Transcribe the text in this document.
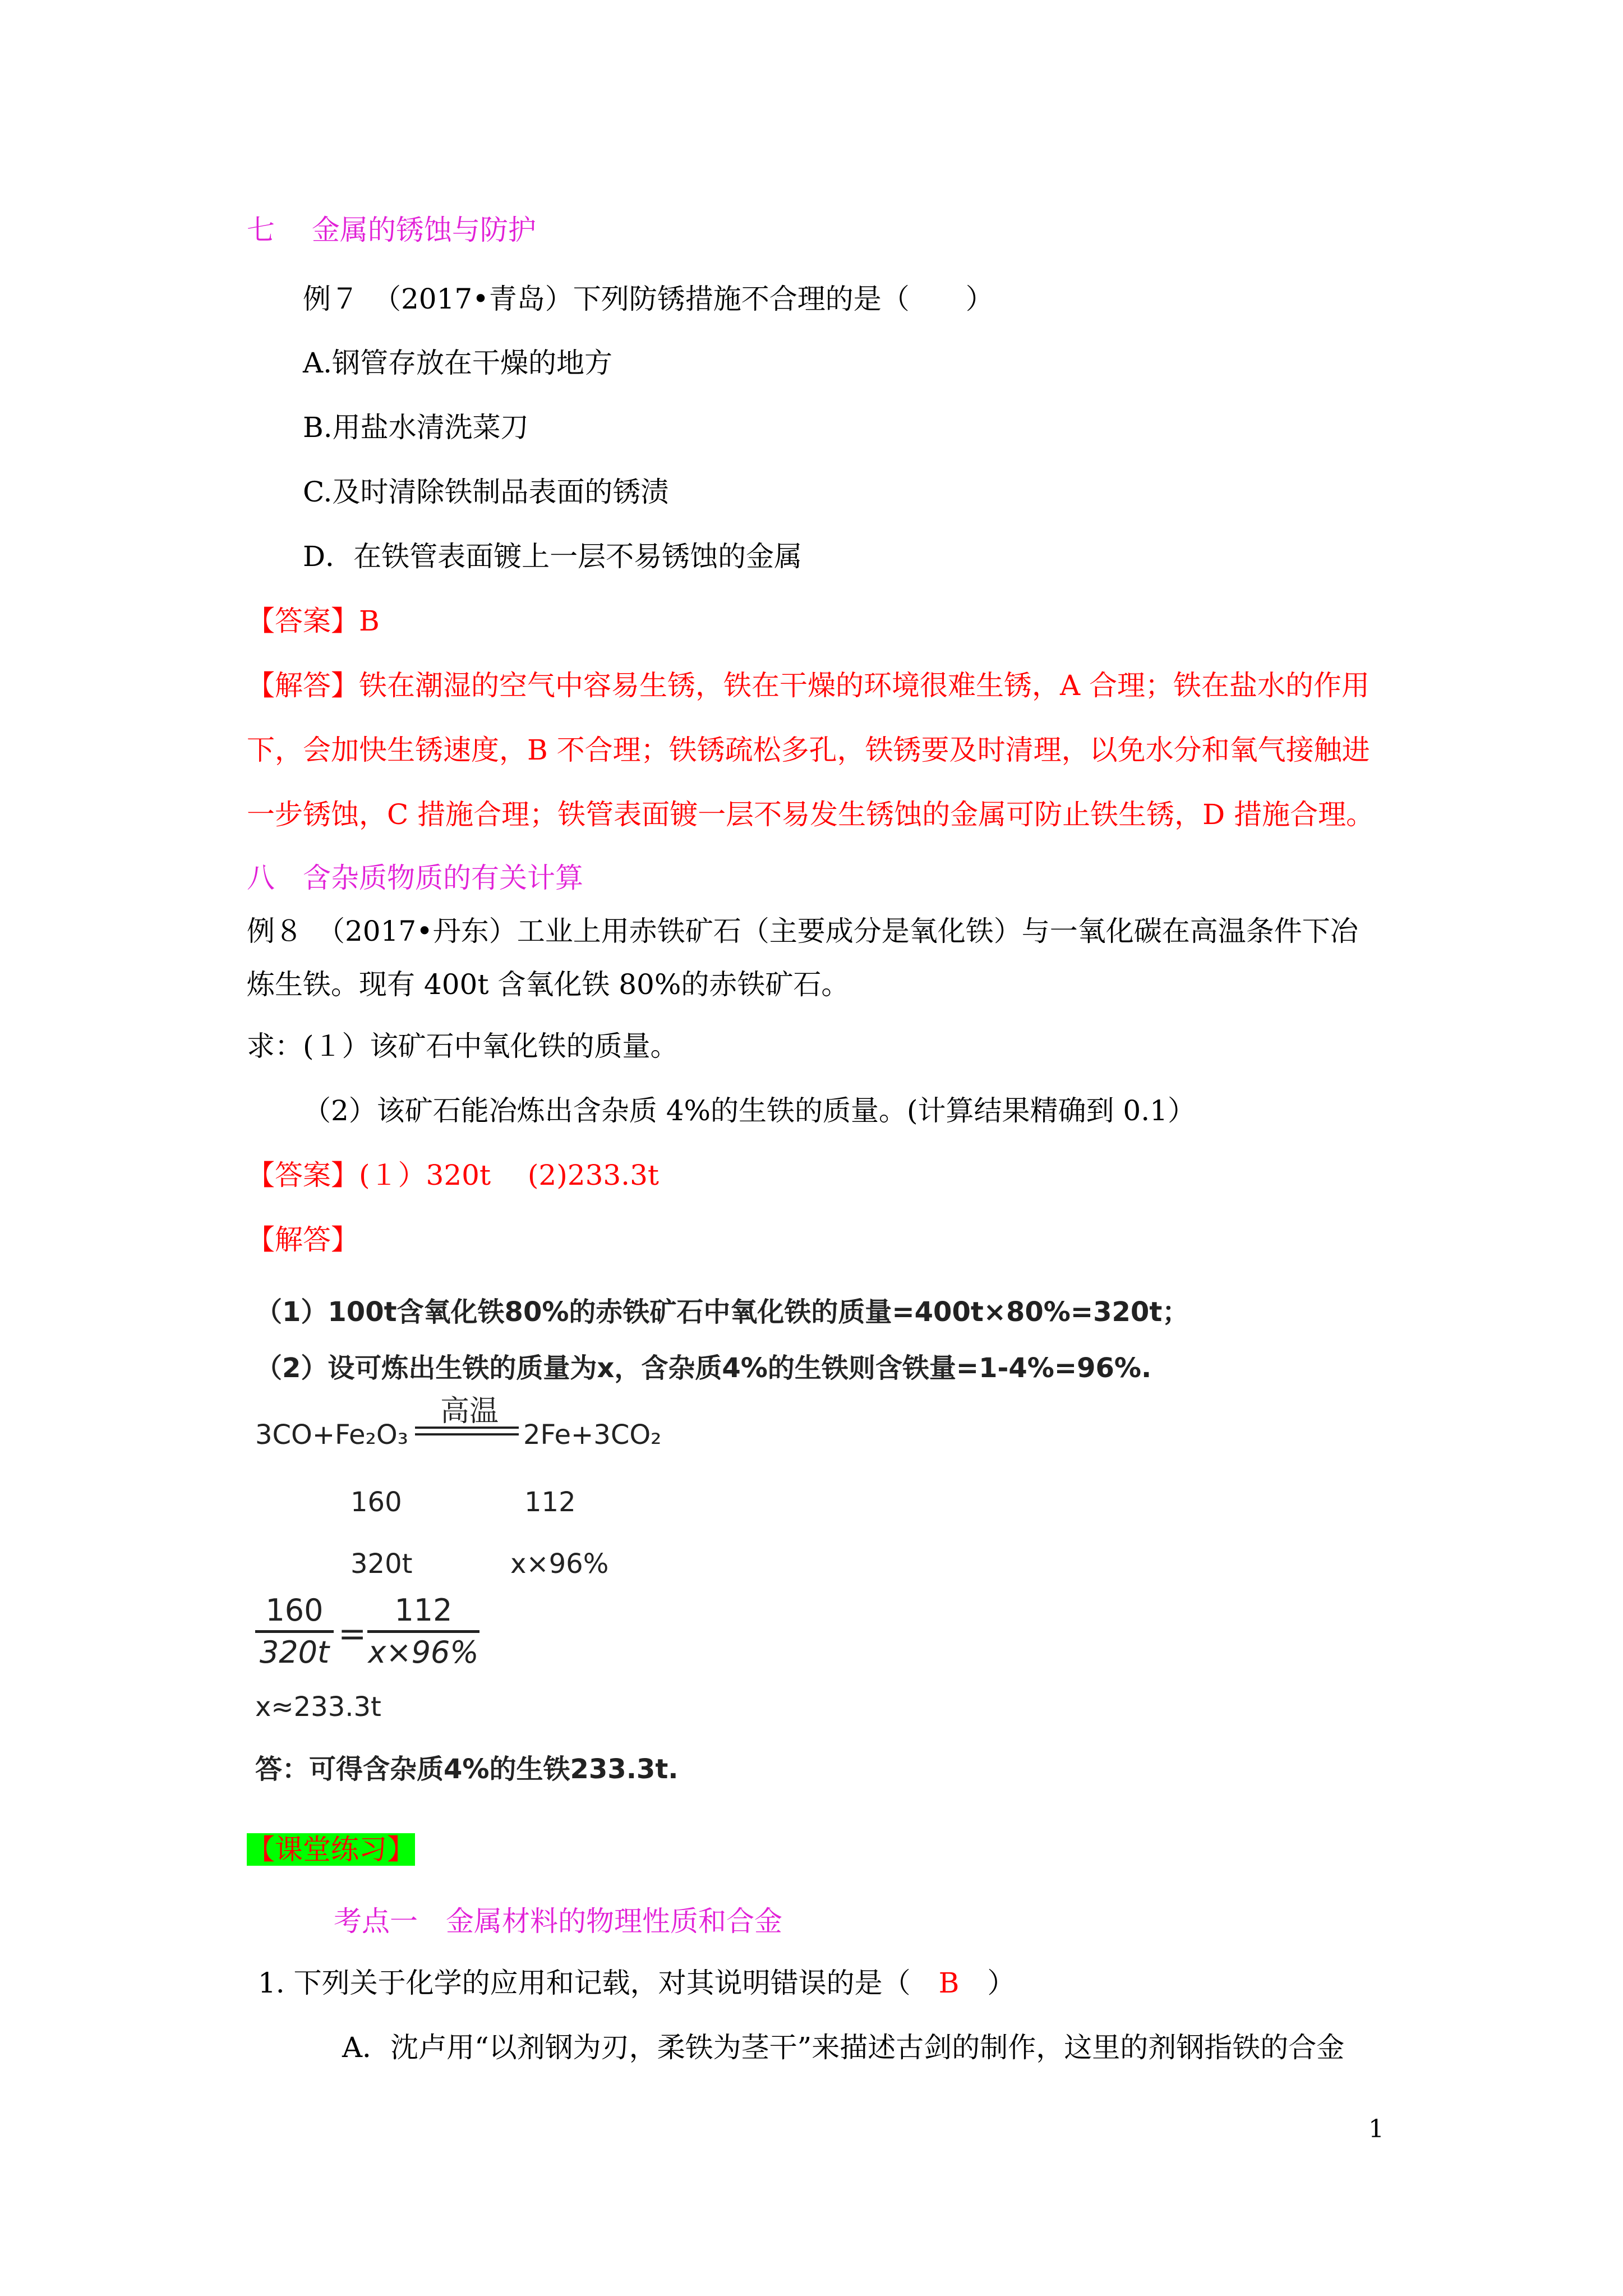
七　 金属的锈蚀与防护
例７　（2017•青岛）下列防锈措施不合理的是（　　）
A.钢管存放在干燥的地方
B.用盐水清洗菜刀
C.及时清除铁制品表面的锈渍
D．在铁管表面镀上一层不易锈蚀的金属
【答案】B
【解答】铁在潮湿的空气中容易生锈，铁在干燥的环境很难生锈，A 合理；铁在盐水的作用
下，会加快生锈速度，B 不合理；铁锈疏松多孔，铁锈要及时清理，以免水分和氧气接触进
一步锈蚀，C 措施合理；铁管表面镀一层不易发生锈蚀的金属可防止铁生锈，D 措施合理。
八　含杂质物质的有关计算
例８　（2017•丹东）工业上用赤铁矿石（主要成分是氧化铁）与一氧化碳在高温条件下冶
炼生铁。现有 400t 含氧化铁 80%的赤铁矿石。
求：(１）该矿石中氧化铁的质量。
（2）该矿石能冶炼出含杂质 4%的生铁的质量。(计算结果精确到 0.1）
【答案】(１）320t　 (2)233.3t
【解答】
（1）100t含氧化铁80%的赤铁矿石中氧化铁的质量=400t×80%=320t；
（2）设可炼出生铁的质量为x，含杂质4%的生铁则含铁量=1-4%=96%.
3CO+Fe₂O₃
高温
2Fe+3CO₂
160	112
320t	x×96%
160
320t =
112
x×96%
x≈233.3t
答：可得含杂质4%的生铁233.3t.
【课堂练习】
考点一　金属材料的物理性质和合金
1. 下列关于化学的应用和记载，对其说明错误的是（　B　）
A．沈卢用“以剂钢为刃，柔铁为茎干”来描述古剑的制作，这里的剂钢指铁的合金
1
